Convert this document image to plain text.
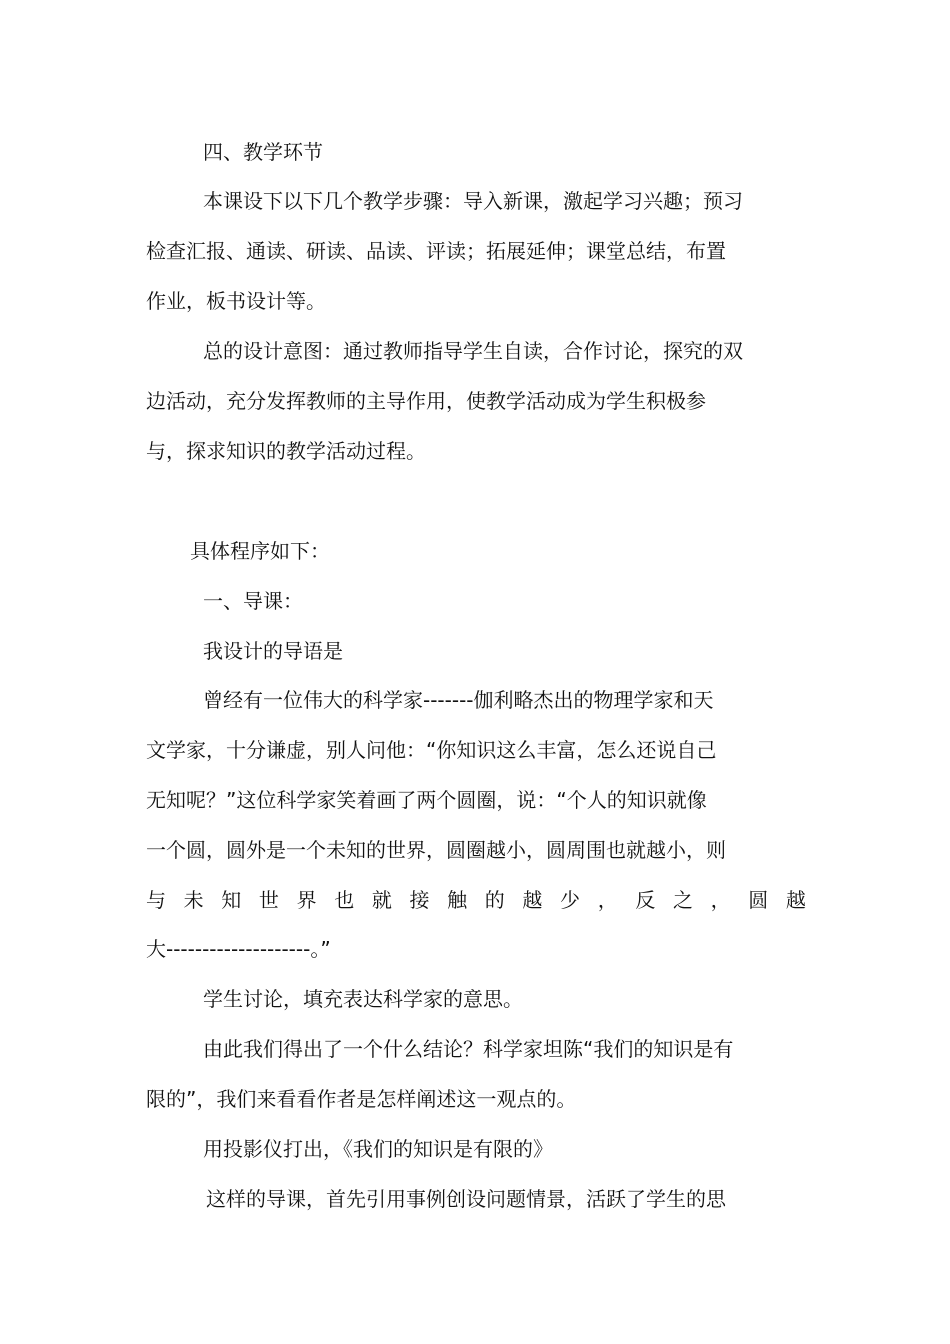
四、教学环节
本课设下以下几个教学步骤：导入新课，激起学习兴趣；预习
检查汇报、通读、研读、品读、评读；拓展延伸；课堂总结，布置
作业，板书设计等。
总的设计意图：通过教师指导学生自读，合作讨论，探究的双
边活动，充分发挥教师的主导作用，使教学活动成为学生积极参
与，探求知识的教学活动过程。
具体程序如下：
一、导课：
我设计的导语是
曾经有一位伟大的科学家-------伽利略杰出的物理学家和天
文学家，十分谦虚，别人问他：“你知识这么丰富，怎么还说自己
无知呢？”这位科学家笑着画了两个圆圈，说：“个人的知识就像
一个圆，圆外是一个未知的世界，圆圈越小，圆周围也就越小，则
与 未 知 世 界 也 就 接 触 的 越 少 ， 反 之 ， 圆 越
大--------------------。”
学生讨论，填充表达科学家的意思。
由此我们得出了一个什么结论？科学家坦陈“我们的知识是有
限的”，我们来看看作者是怎样阐述这一观点的。
用投影仪打出，《我们的知识是有限的》
这样的导课，首先引用事例创设问题情景，活跃了学生的思
